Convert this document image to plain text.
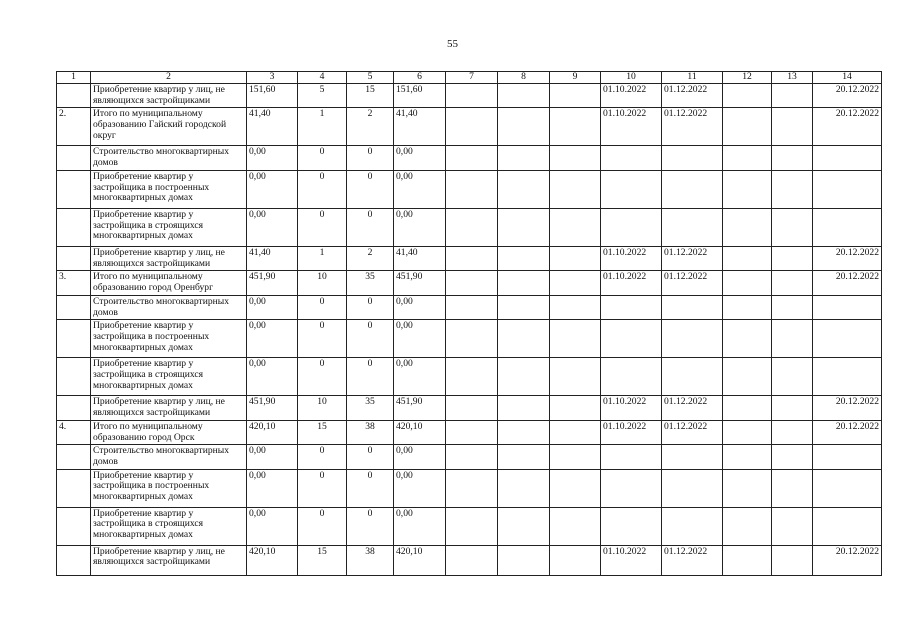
55
1	2	3	4	5	6	7	8	9	10	11	12	13	14
	Приобретение квартир у лиц, не являющихся застройщиками	151,60	5	15	151,60				01.10.2022	01.12.2022			20.12.2022
2.	Итого по муниципальному образованию Гайский городской округ	41,40	1	2	41,40				01.10.2022	01.12.2022			20.12.2022
	Строительство многоквартирных домов	0,00	0	0	0,00								
	Приобретение квартир у застройщика в построенных многоквартирных домах	0,00	0	0	0,00								
	Приобретение квартир у застройщика в строящихся многоквартирных домах	0,00	0	0	0,00								
	Приобретение квартир у лиц, не являющихся застройщиками	41,40	1	2	41,40				01.10.2022	01.12.2022			20.12.2022
3.	Итого по муниципальному образованию город Оренбург	451,90	10	35	451,90				01.10.2022	01.12.2022			20.12.2022
	Строительство многоквартирных домов	0,00	0	0	0,00								
	Приобретение квартир у застройщика в построенных многоквартирных домах	0,00	0	0	0,00								
	Приобретение квартир у застройщика в строящихся многоквартирных домах	0,00	0	0	0,00								
	Приобретение квартир у лиц, не являющихся застройщиками	451,90	10	35	451,90				01.10.2022	01.12.2022			20.12.2022
4.	Итого по муниципальному образованию город Орск	420,10	15	38	420,10				01.10.2022	01.12.2022			20.12.2022
	Строительство многоквартирных домов	0,00	0	0	0,00								
	Приобретение квартир у застройщика в построенных многоквартирных домах	0,00	0	0	0,00								
	Приобретение квартир у застройщика в строящихся многоквартирных домах	0,00	0	0	0,00								
	Приобретение квартир у лиц, не являющихся застройщиками	420,10	15	38	420,10				01.10.2022	01.12.2022			20.12.2022
